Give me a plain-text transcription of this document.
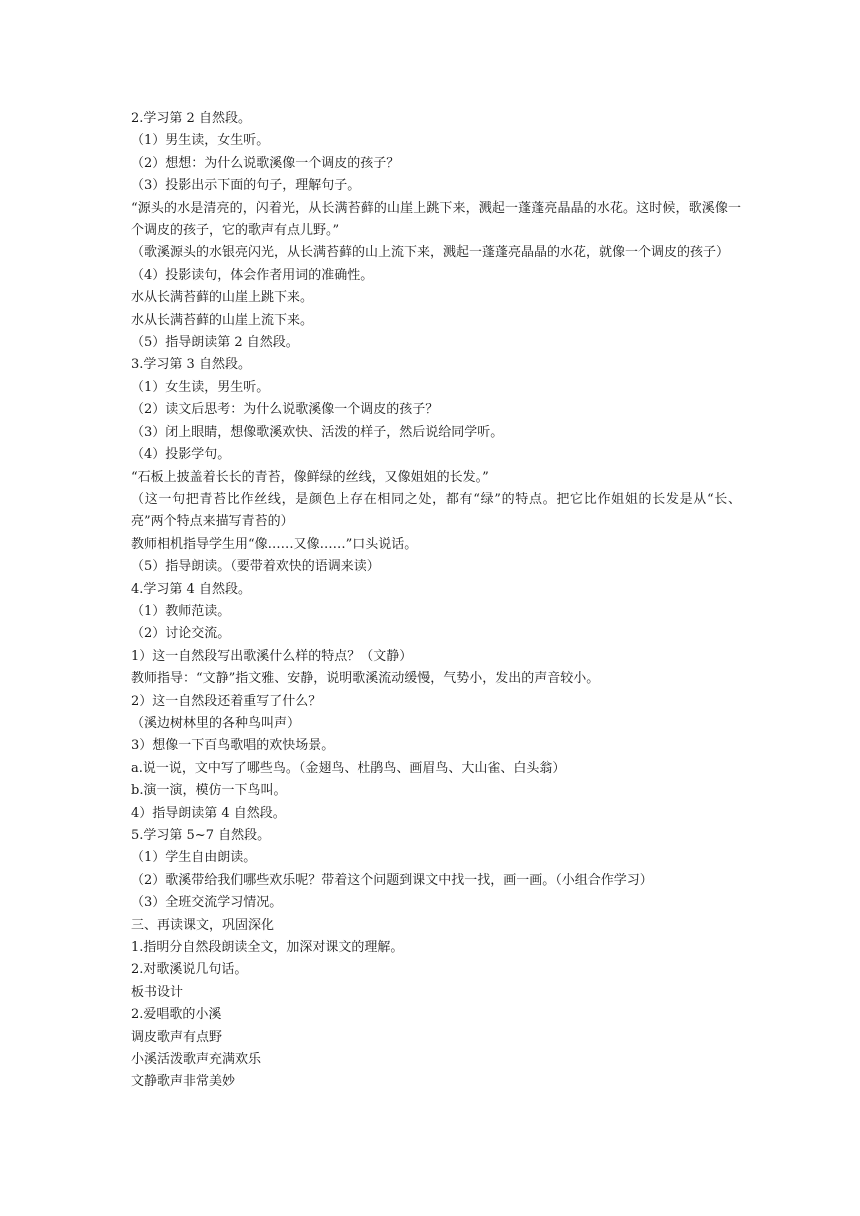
2.学习第 2 自然段。

（1）男生读，女生听。

（2）想想：为什么说歌溪像一个调皮的孩子？

（3）投影出示下面的句子，理解句子。

“源头的水是清亮的，闪着光，从长满苔藓的山崖上跳下来，溅起一蓬蓬亮晶晶的水花。这时候，歌溪像一个调皮的孩子，它的歌声有点儿野。”

（歌溪源头的水银亮闪光，从长满苔藓的山上流下来，溅起一蓬蓬亮晶晶的水花，就像一个调皮的孩子）

（4）投影读句，体会作者用词的准确性。

水从长满苔藓的山崖上跳下来。

水从长满苔藓的山崖上流下来。

（5）指导朗读第 2 自然段。

3.学习第 3 自然段。

（1）女生读，男生听。

（2）读文后思考：为什么说歌溪像一个调皮的孩子？

（3）闭上眼睛，想像歌溪欢快、活泼的样子，然后说给同学听。

（4）投影学句。

“石板上披盖着长长的青苔，像鲜绿的丝线，又像姐姐的长发。”

（这一句把青苔比作丝线，是颜色上存在相同之处，都有“绿”的特点。把它比作姐姐的长发是从“长、亮”两个特点来描写青苔的）

教师相机指导学生用“像……又像……”口头说话。

（5）指导朗读。（要带着欢快的语调来读）

4.学习第 4 自然段。

（1）教师范读。

（2）讨论交流。

1）这一自然段写出歌溪什么样的特点？（文静）

教师指导：“文静”指文雅、安静，说明歌溪流动缓慢，气势小，发出的声音较小。

2）这一自然段还着重写了什么？

（溪边树林里的各种鸟叫声）

3）想像一下百鸟歌唱的欢快场景。

a.说一说，文中写了哪些鸟。（金翅鸟、杜鹃鸟、画眉鸟、大山雀、白头翁）

b.演一演，模仿一下鸟叫。

4）指导朗读第 4 自然段。

5.学习第 5~7 自然段。

（1）学生自由朗读。

（2）歌溪带给我们哪些欢乐呢？带着这个问题到课文中找一找，画一画。（小组合作学习）

（3）全班交流学习情况。

三、再读课文，巩固深化

1.指明分自然段朗读全文，加深对课文的理解。

2.对歌溪说几句话。

板书设计

2.爱唱歌的小溪

调皮歌声有点野

小溪活泼歌声充满欢乐

文静歌声非常美妙
